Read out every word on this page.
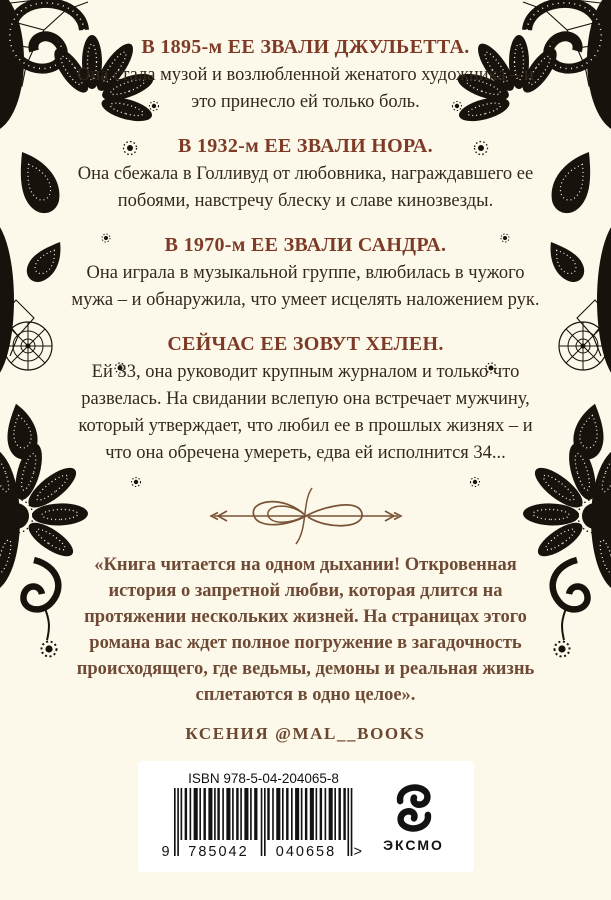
В 1895-м ЕЕ ЗВАЛИ ДЖУЛЬЕТТА.

Она стала музой и возлюбленной женатого художника – и это принесло ей только боль.

В 1932-м ЕЕ ЗВАЛИ НОРА.

Она сбежала в Голливуд от любовника, награждавшего ее побоями, навстречу блеску и славе кинозвезды.

В 1970-м ЕЕ ЗВАЛИ САНДРА.

Она играла в музыкальной группе, влюбилась в чужого мужа – и обнаружила, что умеет исцелять наложением рук.

СЕЙЧАС ЕЕ ЗОВУТ ХЕЛЕН.

Ей 33, она руководит крупным журналом и только что развелась. На свидании вслепую она встречает мужчину, который утверждает, что любил ее в прошлых жизнях – и что она обречена умереть, едва ей исполнится 34...

«Книга читается на одном дыхании! Откровенная история о запретной любви, которая длится на протяжении нескольких жизней. На страницах этого романа вас ждет полное погружение в загадочность происходящего, где ведьмы, демоны и реальная жизнь сплетаются в одно целое».

КСЕНИЯ @MAL__BOOKS
ISBN 978-5-04-204065-8
9	785042	040658	> ЭКСМО
